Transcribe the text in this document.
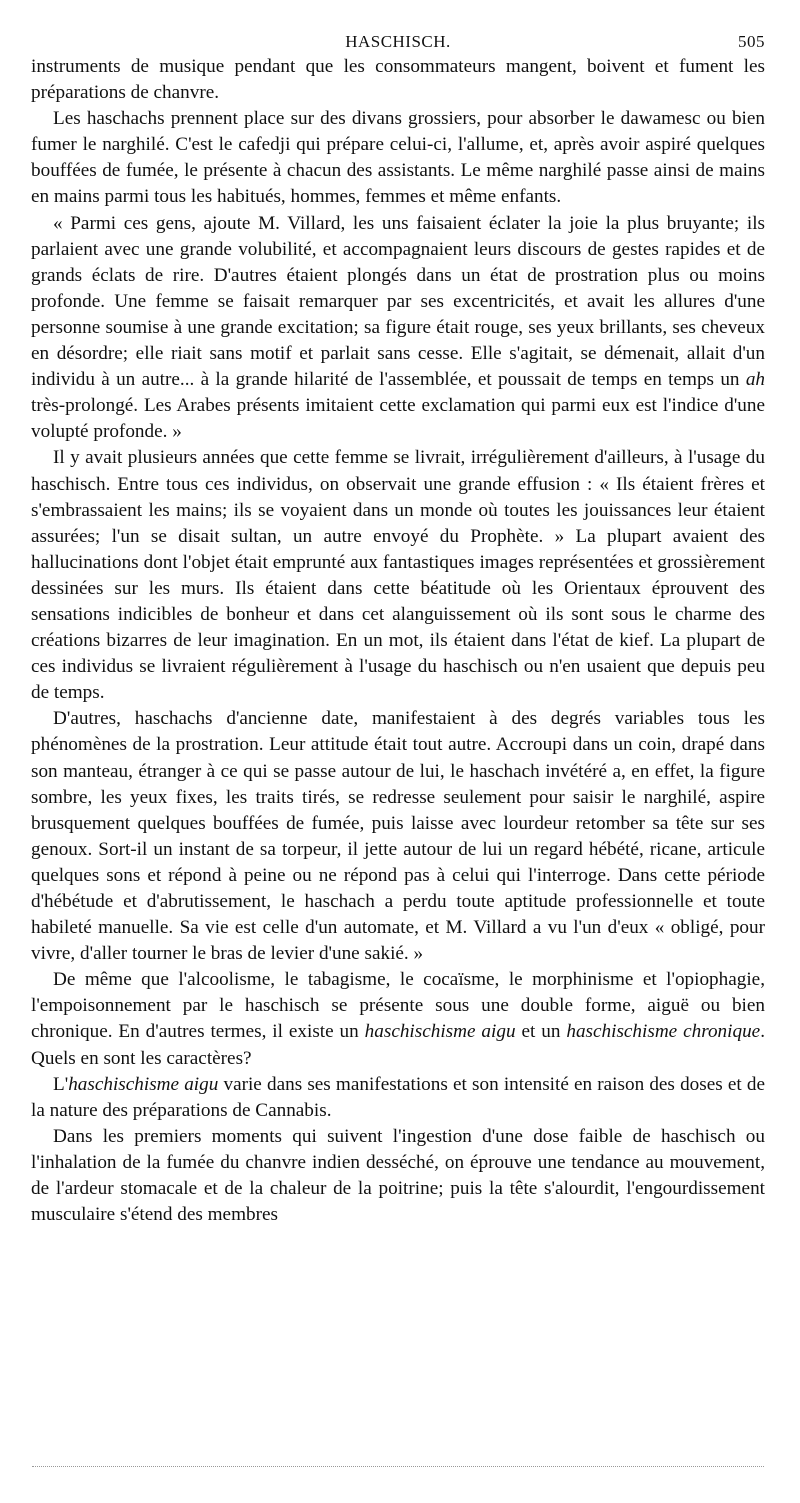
HASCHISCH.	505

instruments de musique pendant que les consommateurs mangent, boivent et fument les préparations de chanvre.

Les haschachs prennent place sur des divans grossiers, pour absorber le dawamesc ou bien fumer le narghilé. C'est le cafedji qui prépare celui-ci, l'allume, et, après avoir aspiré quelques bouffées de fumée, le présente à chacun des assistants. Le même narghilé passe ainsi de mains en mains parmi tous les habitués, hommes, femmes et même enfants.

« Parmi ces gens, ajoute M. Villard, les uns faisaient éclater la joie la plus bruyante; ils parlaient avec une grande volubilité, et accompagnaient leurs discours de gestes rapides et de grands éclats de rire. D'autres étaient plongés dans un état de prostration plus ou moins profonde. Une femme se faisait remarquer par ses excentricités, et avait les allures d'une personne soumise à une grande excitation; sa figure était rouge, ses yeux brillants, ses cheveux en désordre; elle riait sans motif et parlait sans cesse. Elle s'agitait, se démenait, allait d'un individu à un autre... à la grande hilarité de l'assemblée, et poussait de temps en temps un ah très-prolongé. Les Arabes présents imitaient cette exclamation qui parmi eux est l'indice d'une volupté profonde. »

Il y avait plusieurs années que cette femme se livrait, irrégulièrement d'ailleurs, à l'usage du haschisch. Entre tous ces individus, on observait une grande effusion : « Ils étaient frères et s'embrassaient les mains; ils se voyaient dans un monde où toutes les jouissances leur étaient assurées; l'un se disait sultan, un autre envoyé du Prophète. » La plupart avaient des hallucinations dont l'objet était emprunté aux fantastiques images représentées et grossièrement dessinées sur les murs. Ils étaient dans cette béatitude où les Orientaux éprouvent des sensations indicibles de bonheur et dans cet alanguissement où ils sont sous le charme des créations bizarres de leur imagination. En un mot, ils étaient dans l'état de kief. La plupart de ces individus se livraient régulièrement à l'usage du haschisch ou n'en usaient que depuis peu de temps.

D'autres, haschachs d'ancienne date, manifestaient à des degrés variables tous les phénomènes de la prostration. Leur attitude était tout autre. Accroupi dans un coin, drapé dans son manteau, étranger à ce qui se passe autour de lui, le haschach invétéré a, en effet, la figure sombre, les yeux fixes, les traits tirés, se redresse seulement pour saisir le narghilé, aspire brusquement quelques bouffées de fumée, puis laisse avec lourdeur retomber sa tête sur ses genoux. Sort-il un instant de sa torpeur, il jette autour de lui un regard hébété, ricane, articule quelques sons et répond à peine ou ne répond pas à celui qui l'interroge. Dans cette période d'hébétude et d'abrutissement, le haschach a perdu toute aptitude professionnelle et toute habileté manuelle. Sa vie est celle d'un automate, et M. Villard a vu l'un d'eux « obligé, pour vivre, d'aller tourner le bras de levier d'une sakié. »

De même que l'alcoolisme, le tabagisme, le cocaïsme, le morphinisme et l'opiophagie, l'empoisonnement par le haschisch se présente sous une double forme, aiguë ou bien chronique. En d'autres termes, il existe un haschischisme aigu et un haschischisme chronique. Quels en sont les caractères?

L'haschischisme aigu varie dans ses manifestations et son intensité en raison des doses et de la nature des préparations de Cannabis.

Dans les premiers moments qui suivent l'ingestion d'une dose faible de haschisch ou l'inhalation de la fumée du chanvre indien desséché, on éprouve une tendance au mouvement, de l'ardeur stomacale et de la chaleur de la poitrine; puis la tête s'alourdit, l'engourdissement musculaire s'étend des membres
